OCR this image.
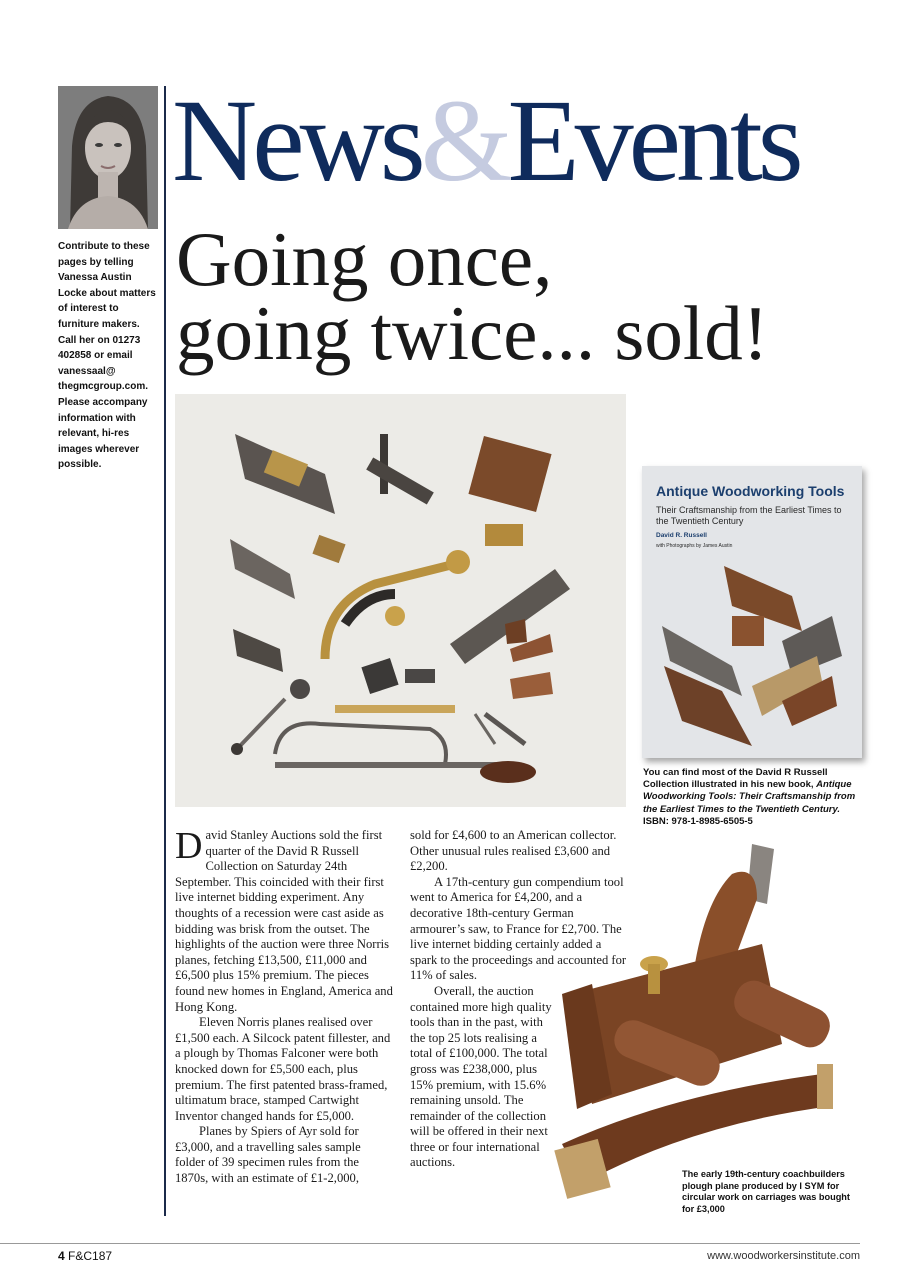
Contribute to these pages by telling Vanessa Austin Locke about matters of interest to furniture makers. Call her on 01273 402858 or email vanessaal@ thegmcgroup.com. Please accompany information with relevant, hi-res images wherever possible.
News&Events
Going once,
going twice... sold!
Antique Woodworking Tools
Their Craftsmanship from the Earliest Times to the Twentieth Century
David R. Russell
with Photographs by James Austin
You can find most of the David R Russell Collection illustrated in his new book, Antique Woodworking Tools: Their Craftsmanship from the Earliest Times to the Twentieth Century.
ISBN: 978-1-8985-6505-5

David Stanley Auctions sold the first quarter of the David R Russell Collection on Saturday 24th September. This coincided with their first live internet bidding experiment. Any thoughts of a recession were cast aside as bidding was brisk from the outset. The highlights of the auction were three Norris planes, fetching £13,500, £11,000 and £6,500 plus 15% premium. The pieces found new homes in England, America and Hong Kong.

Eleven Norris planes realised over £1,500 each. A Silcock patent fillester, and a plough by Thomas Falconer were both knocked down for £5,500 each, plus premium. The first patented brass-framed, ultimatum brace, stamped Cartwight Inventor changed hands for £5,000.

Planes by Spiers of Ayr sold for £3,000, and a travelling sales sample folder of 39 specimen rules from the 1870s, with an estimate of £1-2,000,

sold for £4,600 to an American collector. Other unusual rules realised £3,600 and £2,200.

A 17th-century gun compendium tool went to America for £4,200, and a decorative 18th-century German armourer’s saw, to France for £2,700. The live internet bidding certainly added a spark to the proceedings and accounted for 11% of sales.

Overall, the auction contained more high quality tools than in the past, with the top 25 lots realising a total of £100,000. The total gross was £238,000, plus 15% premium, with 15.6% remaining unsold. The remainder of the collection will be offered in their next three or four international auctions.

The early 19th-century coachbuilders plough plane produced by I SYM for circular work on carriages was bought for £3,000
4 F&C187	www.woodworkersinstitute.com
